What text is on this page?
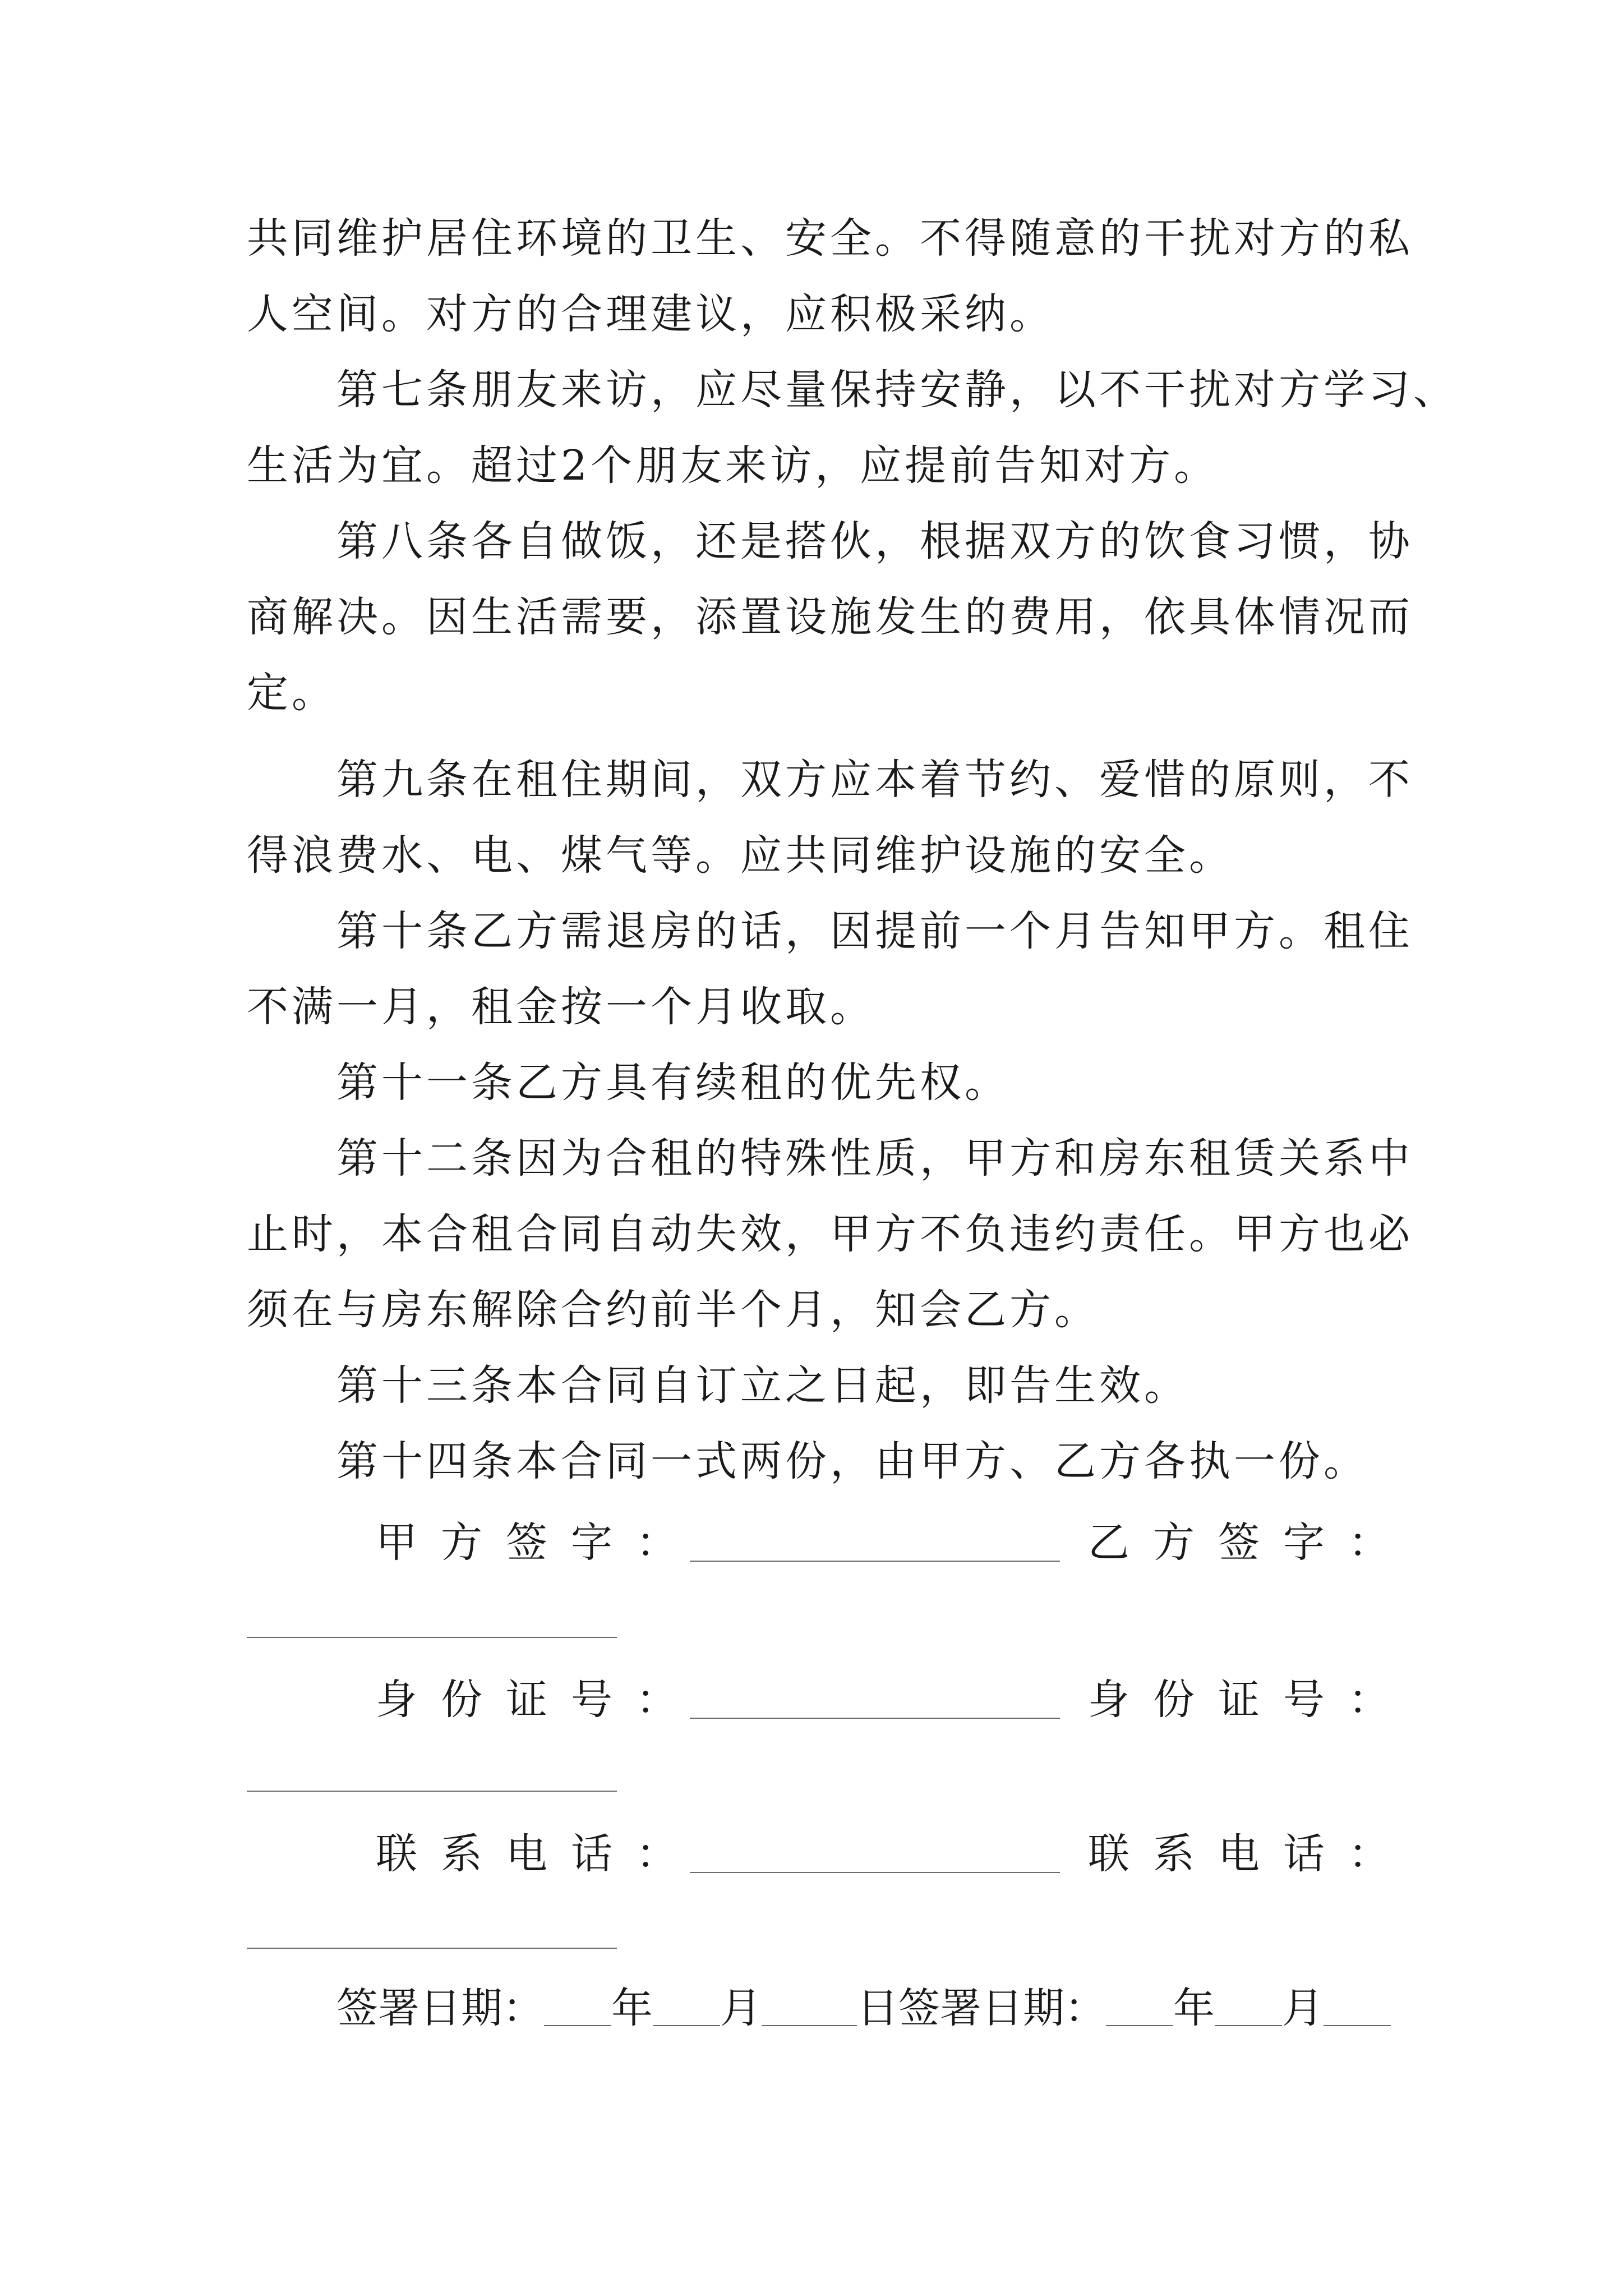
共同维护居住环境的卫生、安全。不得随意的干扰对方的私
人空间。对方的合理建议，应积极采纳。
第七条朋友来访，应尽量保持安静，以不干扰对方学习、
生活为宜。超过2个朋友来访，应提前告知对方。
第八条各自做饭，还是搭伙，根据双方的饮食习惯，协
商解决。因生活需要，添置设施发生的费用，依具体情况而
定。
第九条在租住期间，双方应本着节约、爱惜的原则，不
得浪费水、电、煤气等。应共同维护设施的安全。
第十条乙方需退房的话，因提前一个月告知甲方。租住
不满一月，租金按一个月收取。
第十一条乙方具有续租的优先权。
第十二条因为合租的特殊性质，甲方和房东租赁关系中
止时，本合租合同自动失效，甲方不负违约责任。甲方也必
须在与房东解除合约前半个月，知会乙方。
第十三条本合同自订立之日起，即告生效。
第十四条本合同一式两份，由甲方、乙方各执一份。
甲方签字：	乙方签字：
身份证号：	身份证号：
联系电话：	联系电话：
签署日期： 年 月 日签署日期： 年 月
